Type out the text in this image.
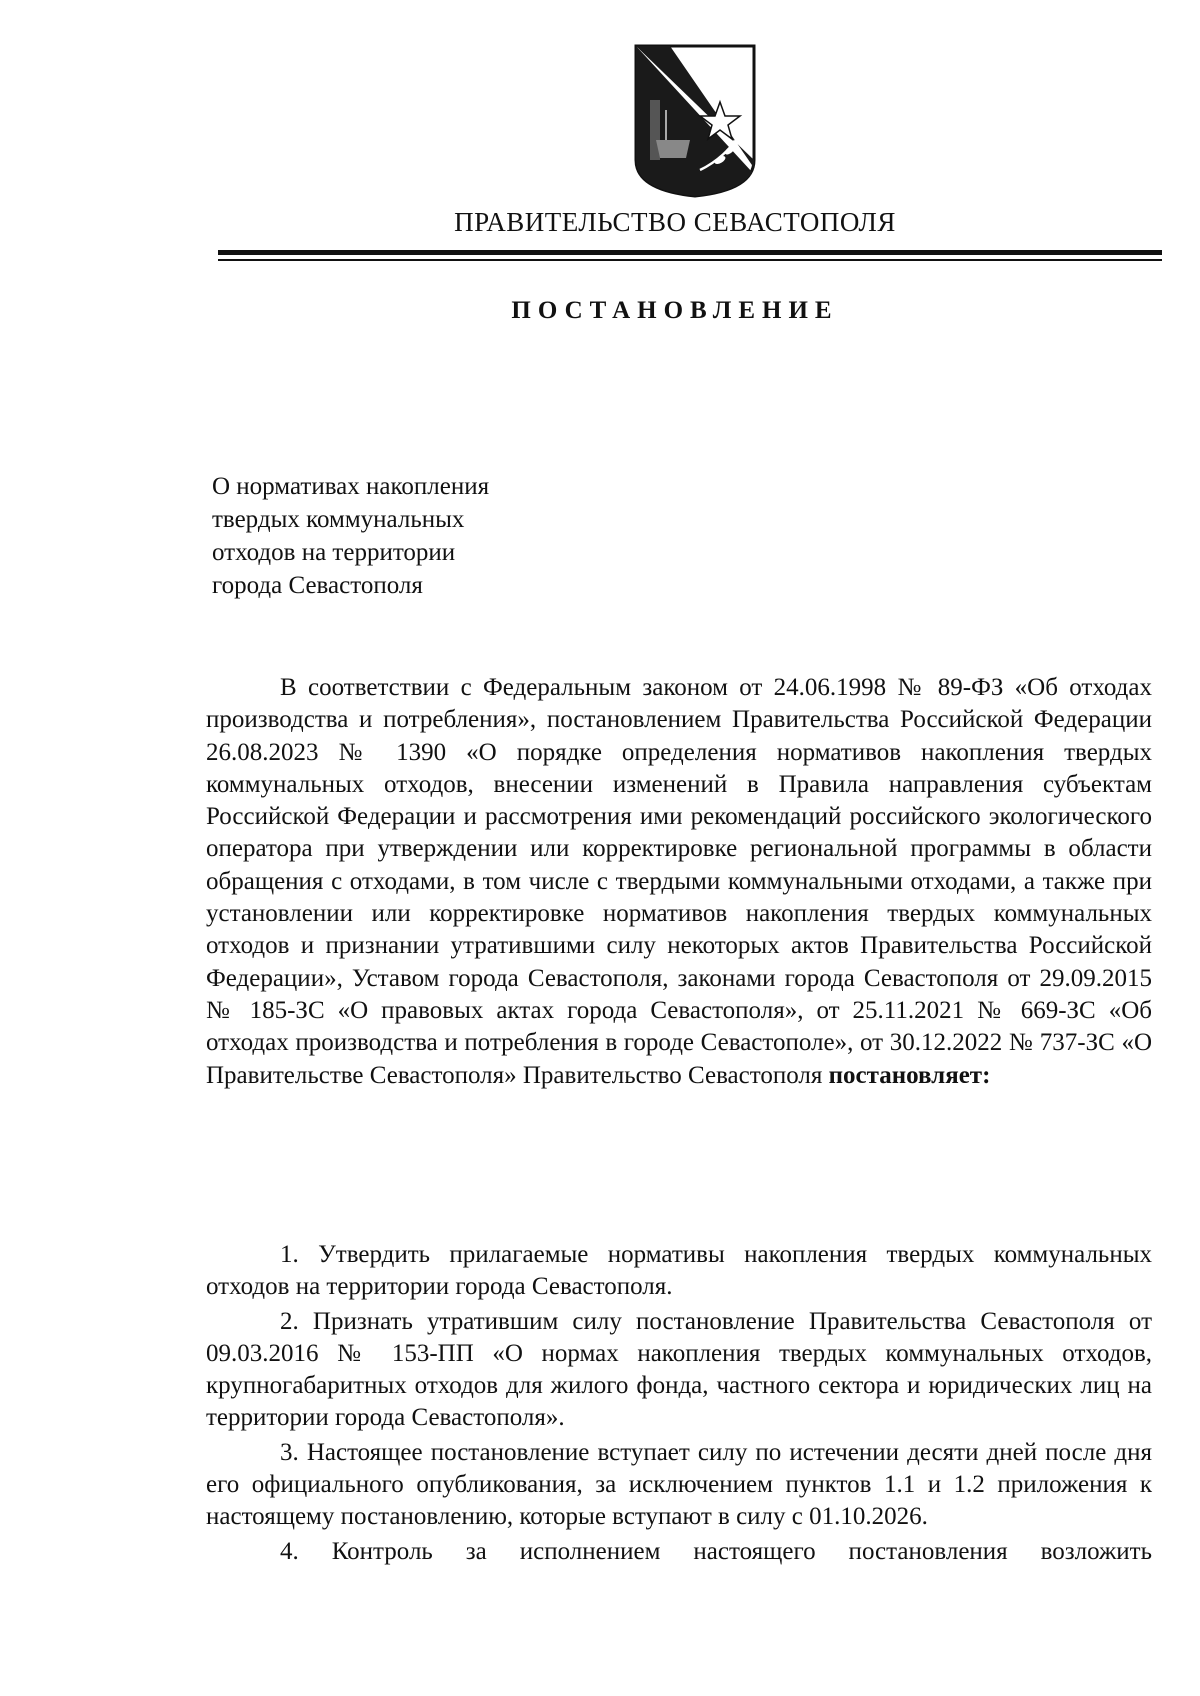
ПРАВИТЕЛЬСТВО СЕВАСТОПОЛЯ
ПОСТАНОВЛЕНИЕ
О нормативах накопления
твердых коммунальных
отходов на территории
города Севастополя

В соответствии с Федеральным законом от 24.06.1998 № 89-ФЗ «Об отходах производства и потребления», постановлением Правительства Российской Федерации 26.08.2023 № 1390 «О порядке определения нормативов накопления твердых коммунальных отходов, внесении изменений в Правила направления субъектам Российской Федерации и рассмотрения ими рекомендаций российского экологического оператора при утверждении или корректировке региональной программы в области обращения с отходами, в том числе с твердыми коммунальными отходами, а также при установлении или корректировке нормативов накопления твердых коммунальных отходов и признании утратившими силу некоторых актов Правительства Российской Федерации», Уставом города Севастополя, законами города Севастополя от 29.09.2015 № 185-ЗС «О правовых актах города Севастополя», от 25.11.2021 № 669-ЗС «Об отходах производства и потребления в городе Севастополе», от 30.12.2022 № 737-ЗС «О Правительстве Севастополя» Правительство Севастополя постановляет:

1. Утвердить прилагаемые нормативы накопления твердых коммунальных отходов на территории города Севастополя.

2. Признать утратившим силу постановление Правительства Севастополя от 09.03.2016 № 153-ПП «О нормах накопления твердых коммунальных отходов, крупногабаритных отходов для жилого фонда, частного сектора и юридических лиц на территории города Севастополя».

3. Настоящее постановление вступает силу по истечении десяти дней после дня его официального опубликования, за исключением пунктов 1.1 и 1.2 приложения к настоящему постановлению, которые вступают в силу с 01.10.2026.

4. Контроль за исполнением настоящего постановления возложить
